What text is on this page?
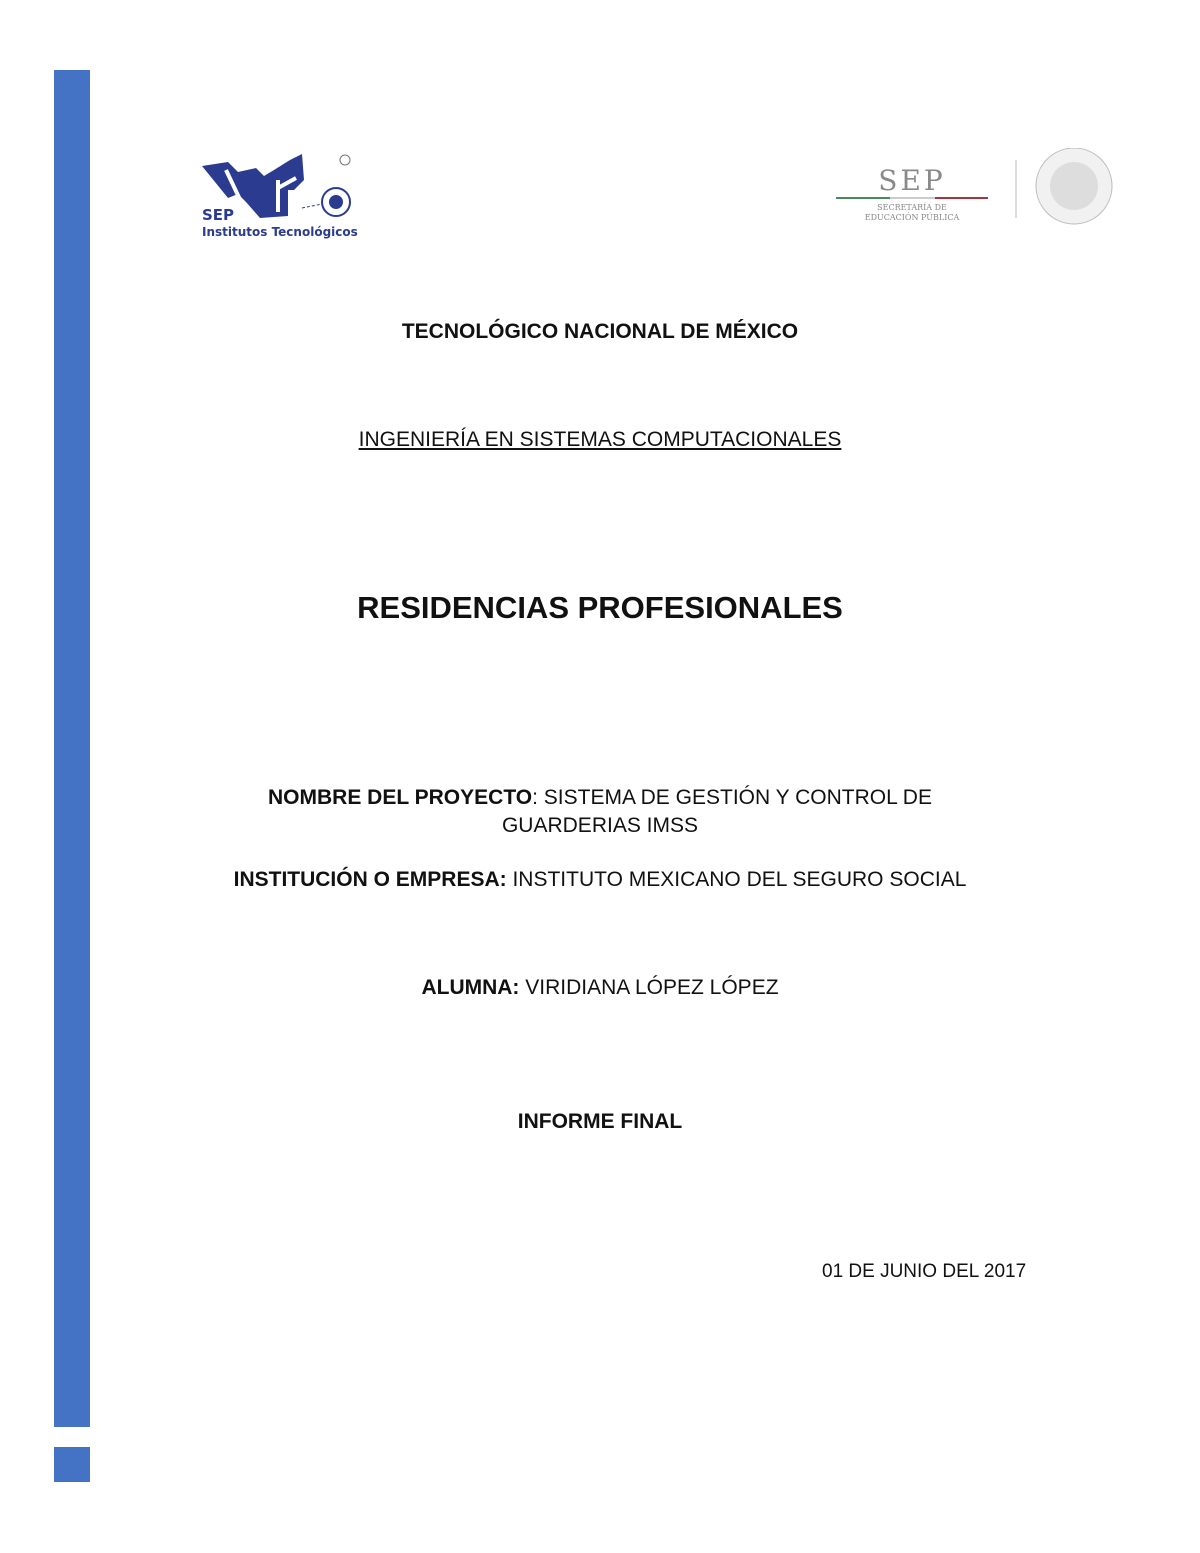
SEP
Institutos Tecnológicos
SEP
SECRETARÍA DE
EDUCACIÓN PÚBLICA
TECNOLÓGICO NACIONAL DE MÉXICO
INGENIERÍA EN SISTEMAS COMPUTACIONALES
RESIDENCIAS PROFESIONALES
NOMBRE DEL PROYECTO: SISTEMA DE GESTIÓN Y CONTROL DE
GUARDERIAS IMSS
INSTITUCIÓN O EMPRESA: INSTITUTO MEXICANO DEL SEGURO SOCIAL
ALUMNA: VIRIDIANA LÓPEZ LÓPEZ
INFORME FINAL
01 DE JUNIO DEL 2017
